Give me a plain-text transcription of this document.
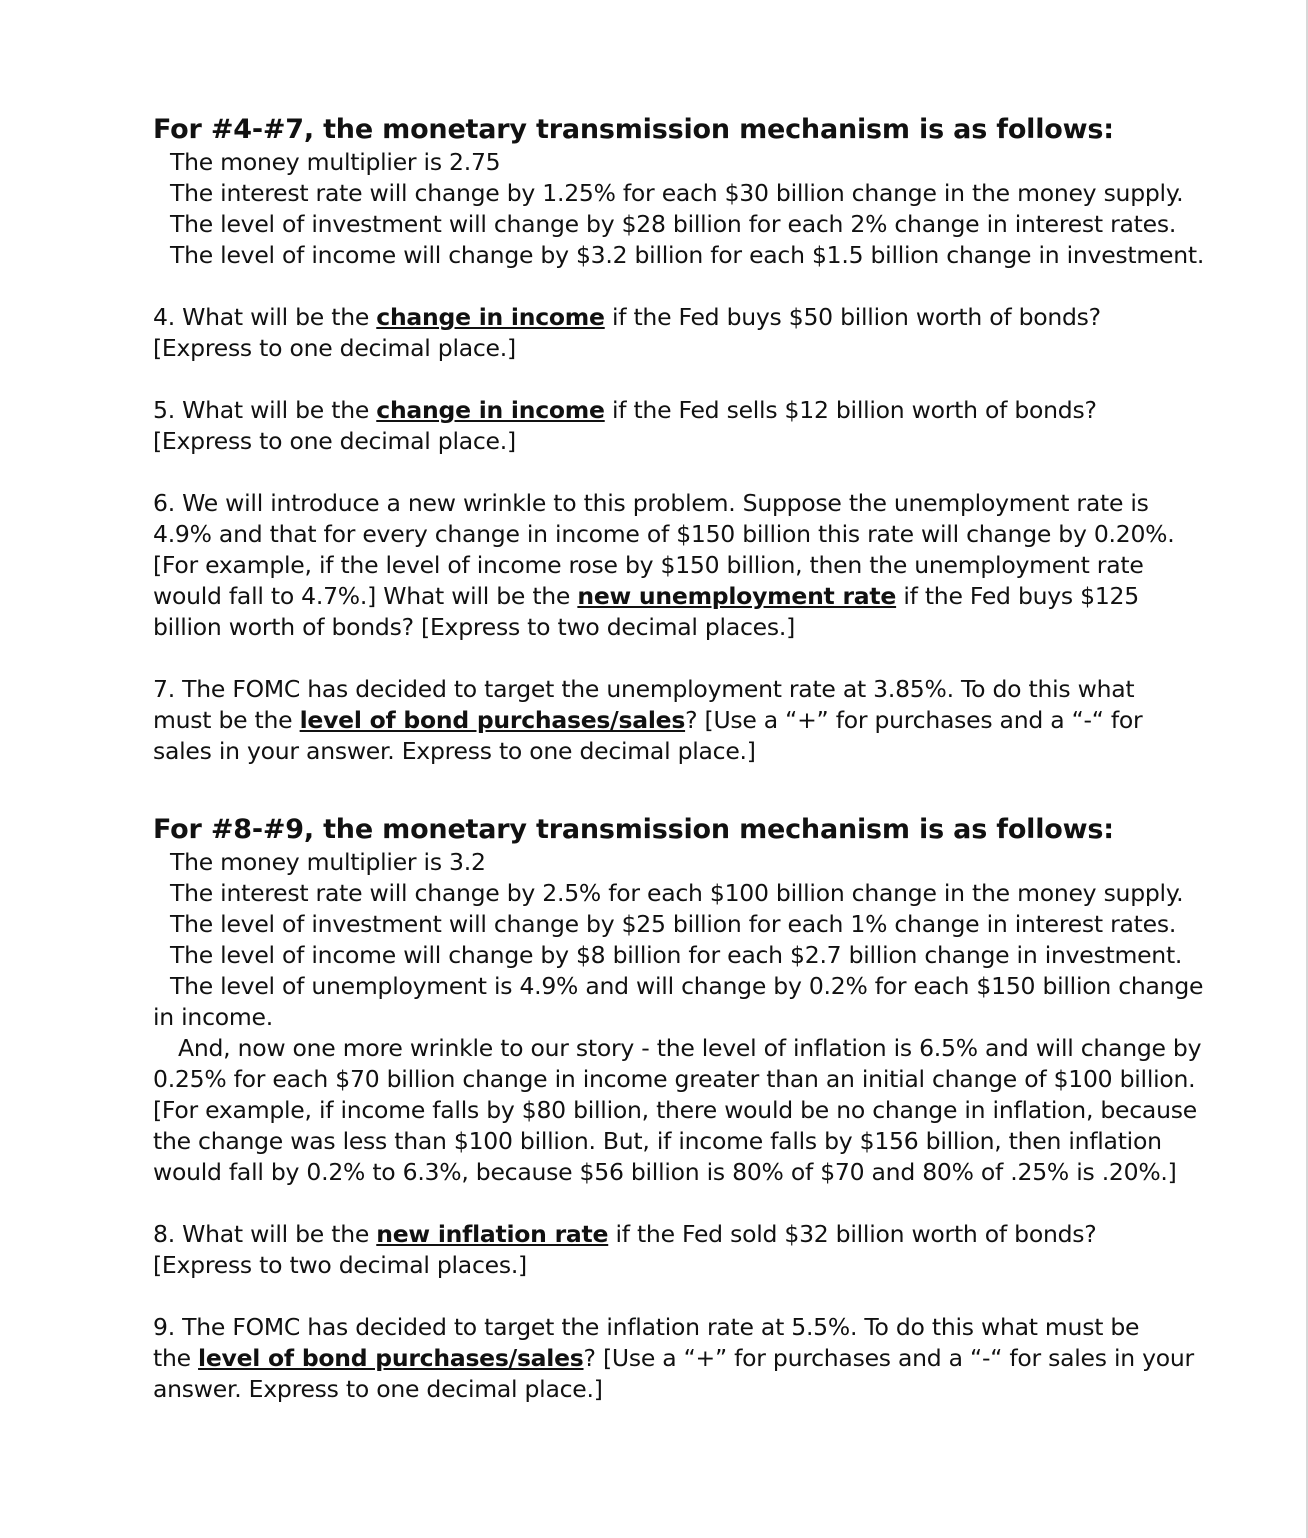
For #4-#7, the monetary transmission mechanism is as follows:
The money multiplier is 2.75
The interest rate will change by 1.25% for each $30 billion change in the money supply.
The level of investment will change by $28 billion for each 2% change in interest rates.
The level of income will change by $3.2 billion for each $1.5 billion change in investment.
4. What will be the change in income if the Fed buys $50 billion worth of bonds?
[Express to one decimal place.]
5. What will be the change in income if the Fed sells $12 billion worth of bonds?
[Express to one decimal place.]
6. We will introduce a new wrinkle to this problem. Suppose the unemployment rate is
4.9% and that for every change in income of $150 billion this rate will change by 0.20%.
[For example, if the level of income rose by $150 billion, then the unemployment rate
would fall to 4.7%.] What will be the new unemployment rate if the Fed buys $125
billion worth of bonds? [Express to two decimal places.]
7. The FOMC has decided to target the unemployment rate at 3.85%. To do this what
must be the level of bond purchases/sales? [Use a “+” for purchases and a “-“ for
sales in your answer. Express to one decimal place.]
For #8-#9, the monetary transmission mechanism is as follows:
The money multiplier is 3.2
The interest rate will change by 2.5% for each $100 billion change in the money supply.
The level of investment will change by $25 billion for each 1% change in interest rates.
The level of income will change by $8 billion for each $2.7 billion change in investment.
The level of unemployment is 4.9% and will change by 0.2% for each $150 billion change
in income.
And, now one more wrinkle to our story - the level of inflation is 6.5% and will change by
0.25% for each $70 billion change in income greater than an initial change of $100 billion.
[For example, if income falls by $80 billion, there would be no change in inflation, because
the change was less than $100 billion. But, if income falls by $156 billion, then inflation
would fall by 0.2% to 6.3%, because $56 billion is 80% of $70 and 80% of .25% is .20%.]
8. What will be the new inflation rate if the Fed sold $32 billion worth of bonds?
[Express to two decimal places.]
9. The FOMC has decided to target the inflation rate at 5.5%. To do this what must be
the level of bond purchases/sales? [Use a “+” for purchases and a “-“ for sales in your
answer. Express to one decimal place.]
